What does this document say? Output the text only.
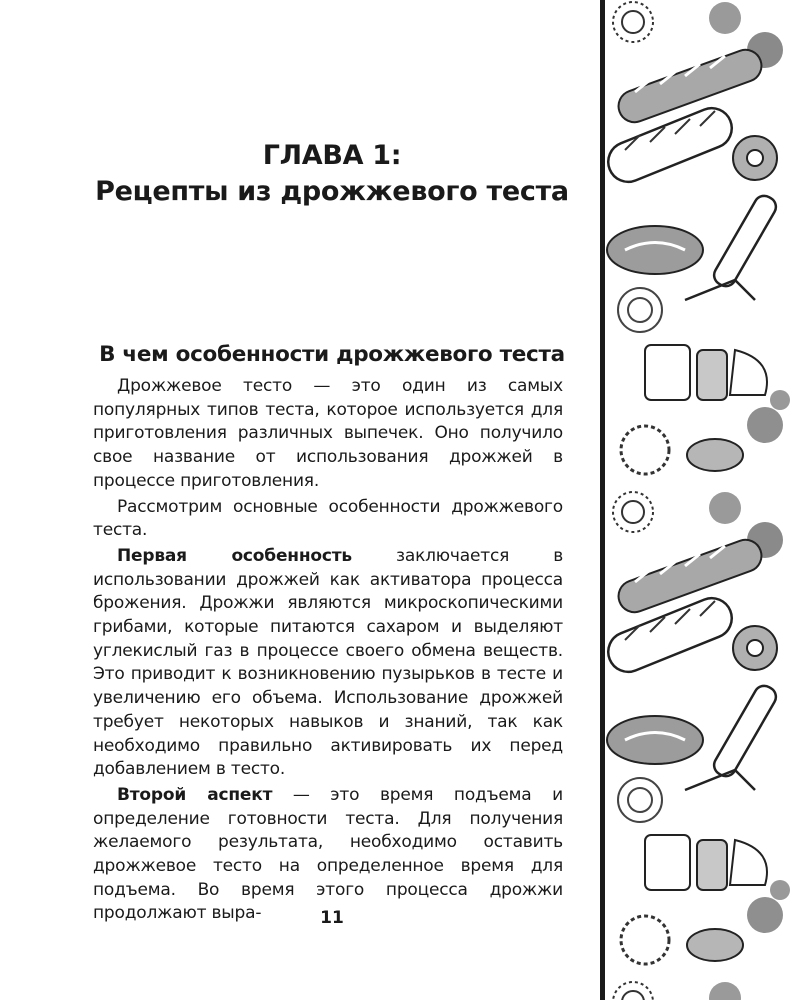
ГЛАВА 1:
Рецепты из дрожжевого теста
В чем особенности дрожжевого теста

Дрожжевое тесто — это один из самых популярных типов теста, которое используется для приготовления различных выпечек. Оно получило свое название от использования дрожжей в процессе приготовления.

Рассмотрим основные особенности дрожжевого теста.

Первая особенность заключается в использовании дрожжей как активатора процесса брожения. Дрожжи являются микроскопическими грибами, которые питаются сахаром и выделяют углекислый газ в процессе своего обмена веществ. Это приводит к возникновению пузырьков в тесте и увеличению его объема. Использование дрожжей требует некоторых навыков и знаний, так как необходимо правильно активировать их перед добавлением в тесто.

Второй аспект — это время подъема и определение готовности теста. Для получения желаемого результата, необходимо оставить дрожжевое тесто на определенное время для подъема. Во время этого процесса дрожжи продолжают выра-	11
